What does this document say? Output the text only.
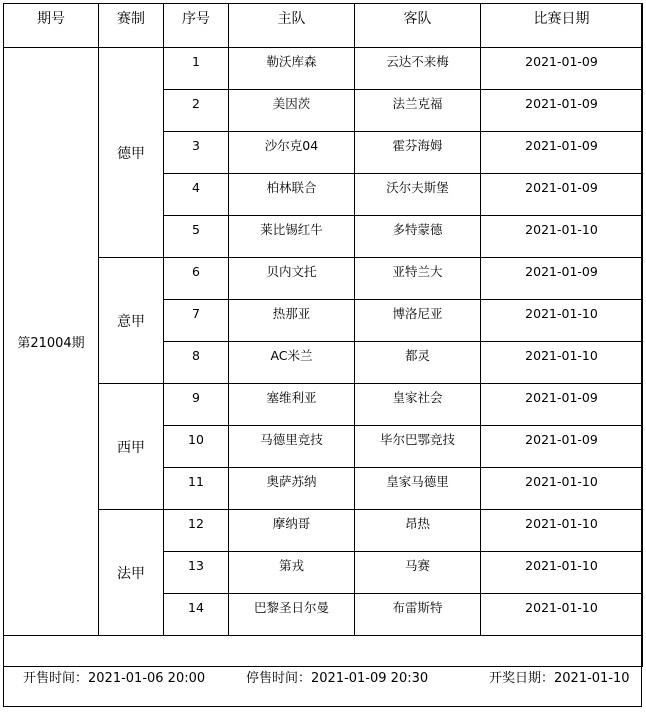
期号	赛制	序号	主队	客队	比赛日期
第21004期	德甲	1	勒沃库森	云达不来梅	2021-01-09
		2	美因茨	法兰克福	2021-01-09
		3	沙尔克04	霍芬海姆	2021-01-09
		4	柏林联合	沃尔夫斯堡	2021-01-09
		5	莱比锡红牛	多特蒙德	2021-01-10
	意甲	6	贝内文托	亚特兰大	2021-01-09
		7	热那亚	博洛尼亚	2021-01-10
		8	AC米兰	都灵	2021-01-10
	西甲	9	塞维利亚	皇家社会	2021-01-09
		10	马德里竞技	毕尔巴鄂竞技	2021-01-09
		11	奥萨苏纳	皇家马德里	2021-01-10
	法甲	12	摩纳哥	昂热	2021-01-10
		13	第戎	马赛	2021-01-10
		14	巴黎圣日尔曼	布雷斯特	2021-01-10

开售时间：2021-01-06 20:00	停售时间：2021-01-09 20:30	开奖日期：2021-01-10
